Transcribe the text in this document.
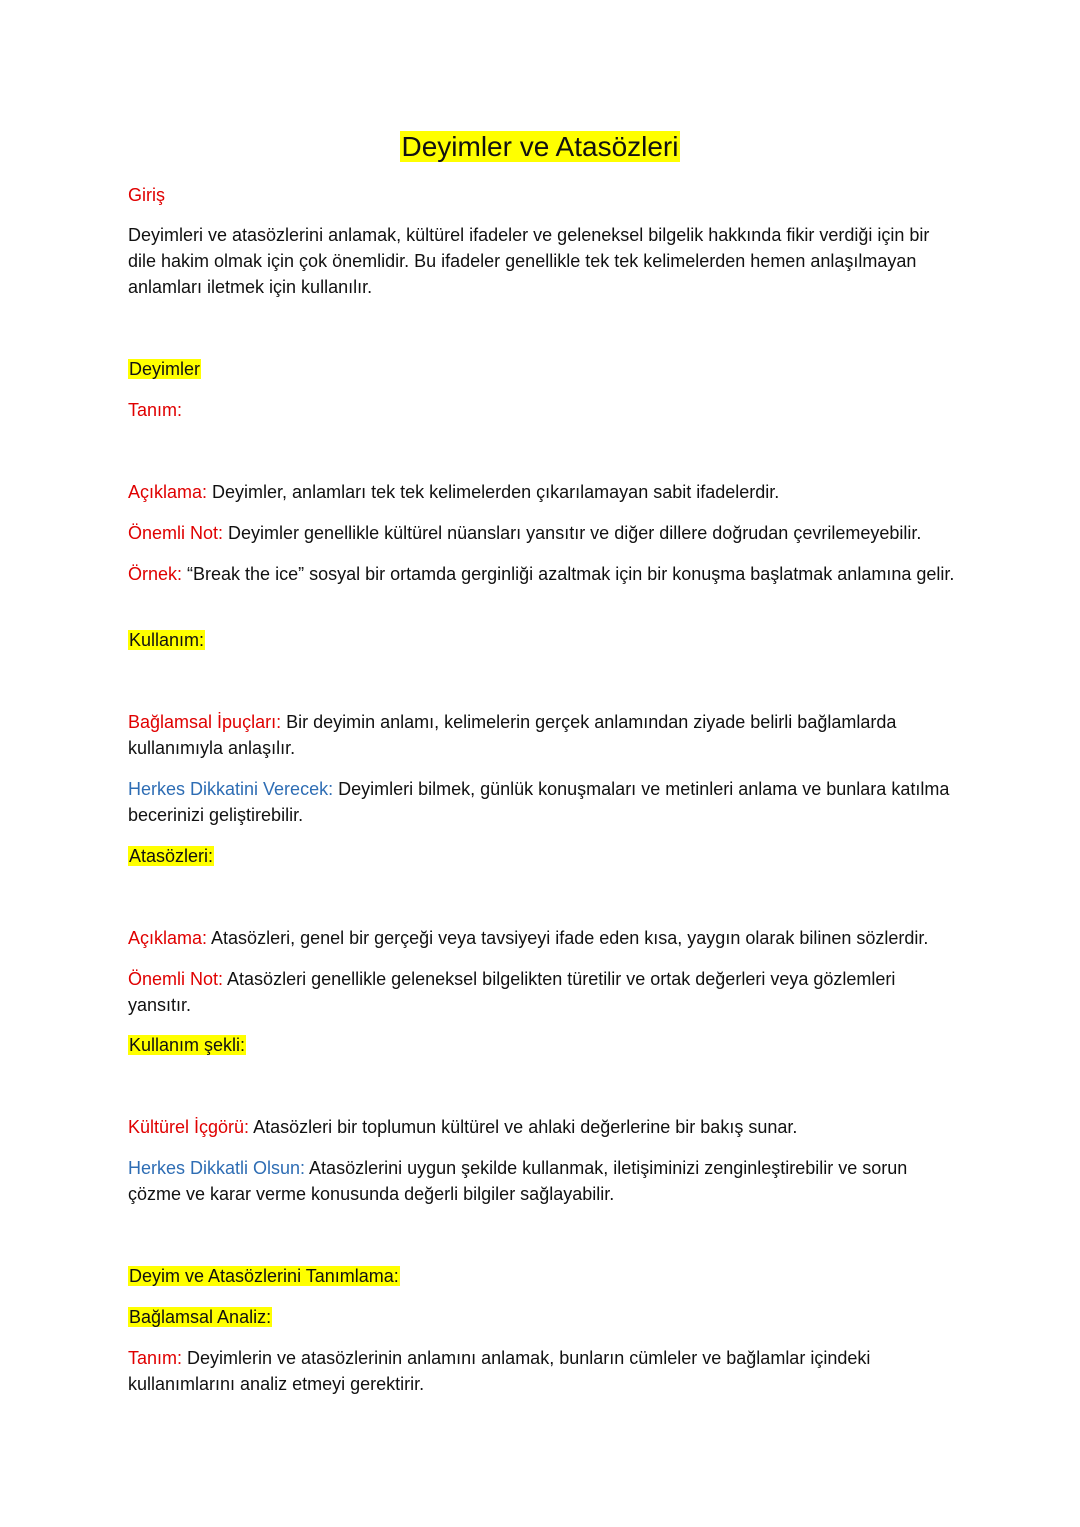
Deyimler ve Atasözleri

Giriş

Deyimleri ve atasözlerini anlamak, kültürel ifadeler ve geleneksel bilgelik hakkında fikir verdiği için bir dile hakim olmak için çok önemlidir. Bu ifadeler genellikle tek tek kelimelerden hemen anlaşılmayan anlamları iletmek için kullanılır.

Deyimler

Tanım:

Açıklama: Deyimler, anlamları tek tek kelimelerden çıkarılamayan sabit ifadelerdir.

Önemli Not: Deyimler genellikle kültürel nüansları yansıtır ve diğer dillere doğrudan çevrilemeyebilir.

Örnek: “Break the ice” sosyal bir ortamda gerginliği azaltmak için bir konuşma başlatmak anlamına gelir.

Kullanım:

Bağlamsal İpuçları: Bir deyimin anlamı, kelimelerin gerçek anlamından ziyade belirli bağlamlarda kullanımıyla anlaşılır.

Herkes Dikkatini Verecek: Deyimleri bilmek, günlük konuşmaları ve metinleri anlama ve bunlara katılma becerinizi geliştirebilir.

Atasözleri:

Açıklama: Atasözleri, genel bir gerçeği veya tavsiyeyi ifade eden kısa, yaygın olarak bilinen sözlerdir.

Önemli Not: Atasözleri genellikle geleneksel bilgelikten türetilir ve ortak değerleri veya gözlemleri yansıtır.

Kullanım şekli:

Kültürel İçgörü: Atasözleri bir toplumun kültürel ve ahlaki değerlerine bir bakış sunar.

Herkes Dikkatli Olsun: Atasözlerini uygun şekilde kullanmak, iletişiminizi zenginleştirebilir ve sorun çözme ve karar verme konusunda değerli bilgiler sağlayabilir.

Deyim ve Atasözlerini Tanımlama:

Bağlamsal Analiz:

Tanım: Deyimlerin ve atasözlerinin anlamını anlamak, bunların cümleler ve bağlamlar içindeki kullanımlarını analiz etmeyi gerektirir.
